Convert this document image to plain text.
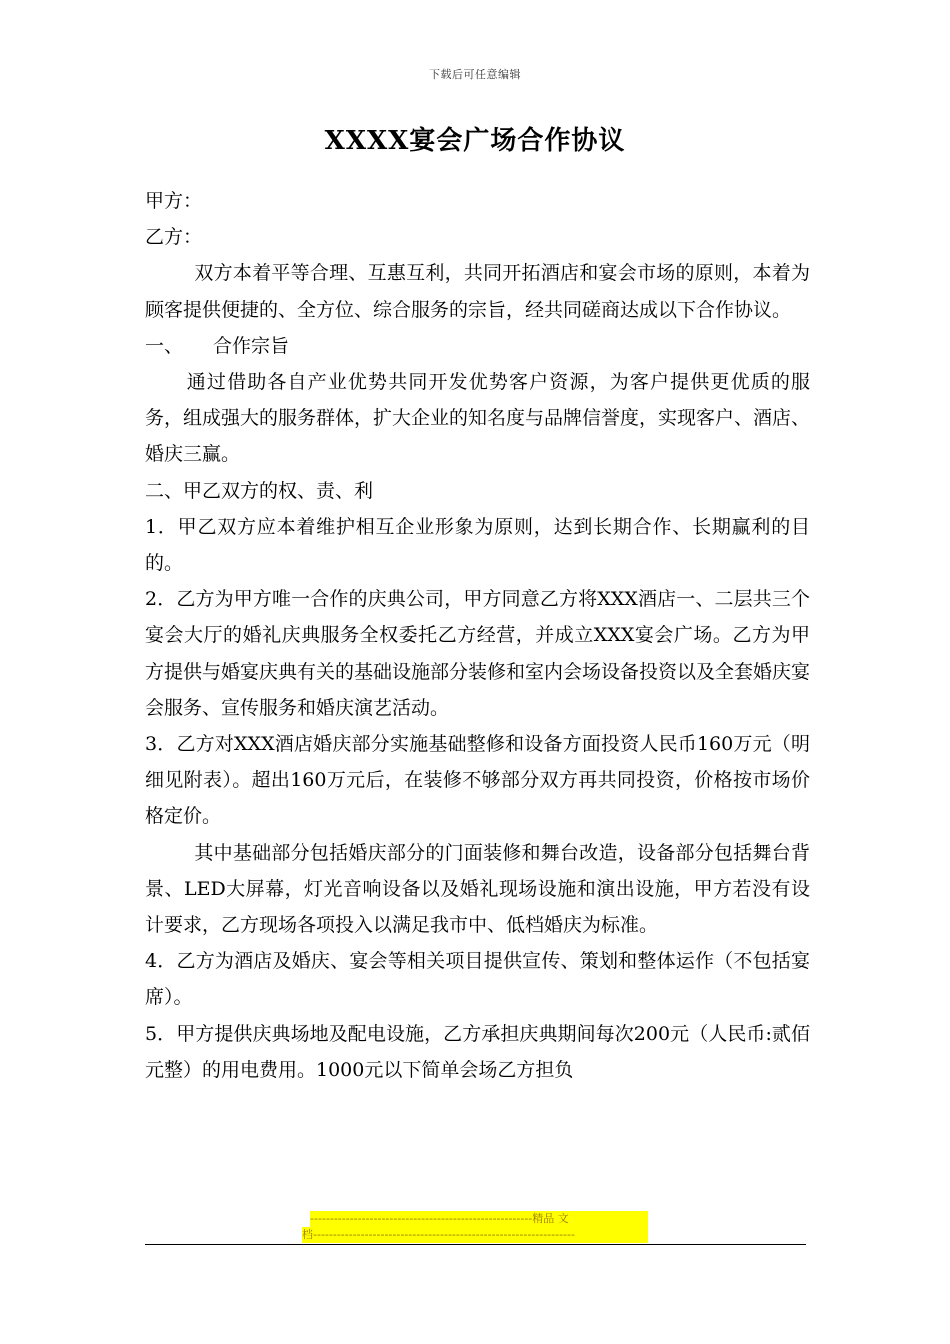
下载后可任意编辑
XXXX宴会广场合作协议

甲方：

乙方：

双方本着平等合理、互惠互利，共同开拓酒店和宴会市场的原则，本着为顾客提供便捷的、全方位、综合服务的宗旨，经共同磋商达成以下合作协议。

一、	合作宗旨

通过借助各自产业优势共同开发优势客户资源，为客户提供更优质的服务，组成强大的服务群体，扩大企业的知名度与品牌信誉度，实现客户、酒店、婚庆三赢。

二、甲乙双方的权、责、利

1．甲乙双方应本着维护相互企业形象为原则，达到长期合作、长期赢利的目的。

2．乙方为甲方唯一合作的庆典公司，甲方同意乙方将XXX酒店一、二层共三个宴会大厅的婚礼庆典服务全权委托乙方经营，并成立XXX宴会广场。乙方为甲方提供与婚宴庆典有关的基础设施部分装修和室内会场设备投资以及全套婚庆宴会服务、宣传服务和婚庆演艺活动。

3．乙方对XXX酒店婚庆部分实施基础整修和设备方面投资人民币160万元（明细见附表）。超出160万元后，在装修不够部分双方再共同投资，价格按市场价格定价。

其中基础部分包括婚庆部分的门面装修和舞台改造，设备部分包括舞台背景、LED大屏幕，灯光音响设备以及婚礼现场设施和演出设施，甲方若没有设计要求，乙方现场各项投入以满足我市中、低档婚庆为标准。

4．乙方为酒店及婚庆、宴会等相关项目提供宣传、策划和整体运作（不包括宴席）。

5．甲方提供庆典场地及配电设施，乙方承担庆典期间每次200元（人民币:贰佰元整）的用电费用。1000元以下简单会场乙方担负

--------------------------------------------------------精品 文
档------------------------------------------------------------------
